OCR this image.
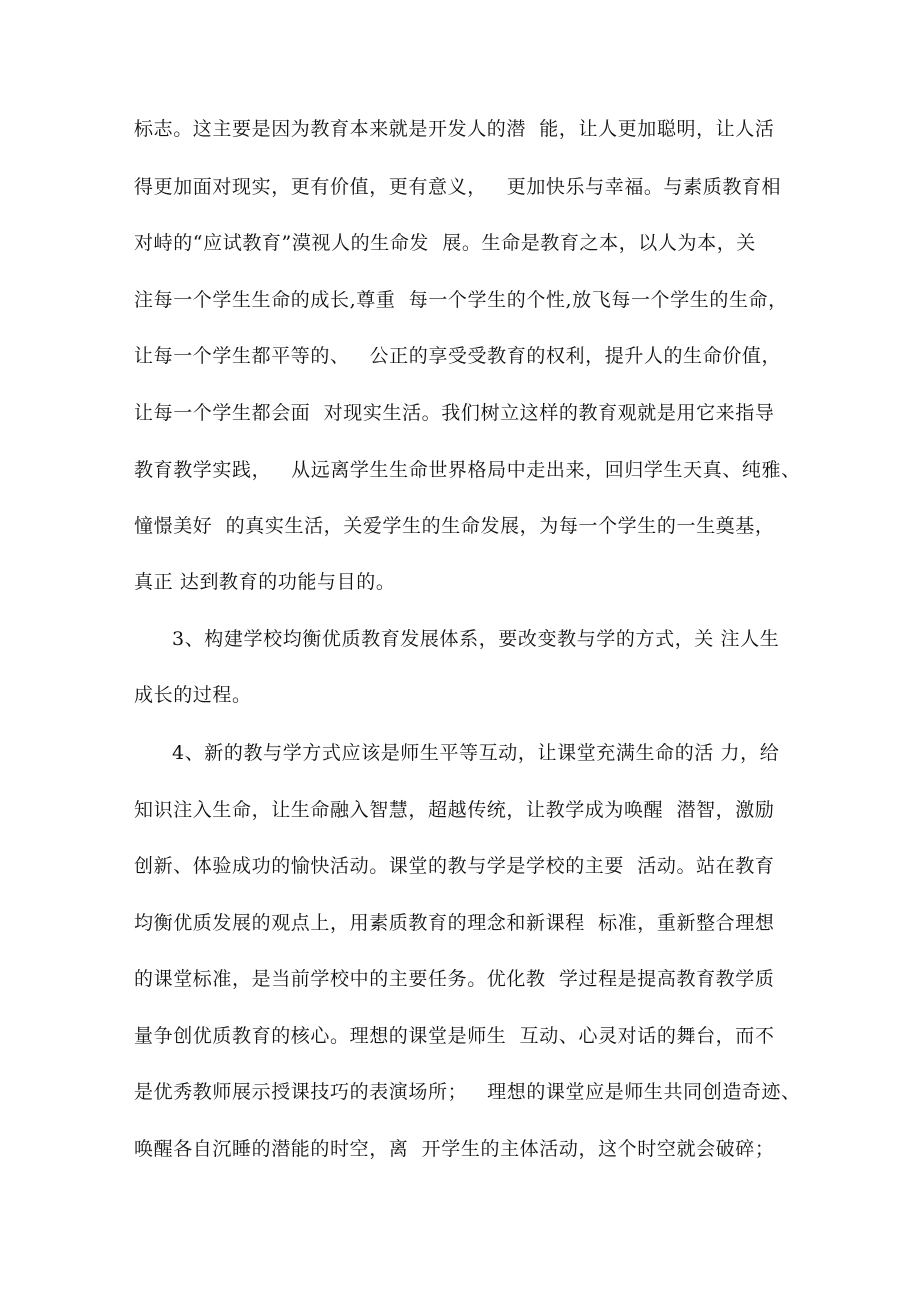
标志。这主要是因为教育本来就是开发人的潜  能，让人更加聪明，让人活
得更加面对现实，更有价值，更有意义，   更加快乐与幸福。与素质教育相
对峙的“应试教育”漠视人的生命发  展。生命是教育之本，以人为本，关
注每一个学生生命的成长,尊重  每一个学生的个性,放飞每一个学生的生命，
让每一个学生都平等的、   公正的享受受教育的权利，提升人的生命价值，
让每一个学生都会面  对现实生活。我们树立这样的教育观就是用它来指导
教育教学实践，   从远离学生生命世界格局中走出来，回归学生天真、纯雅、
憧憬美好  的真实生活，关爱学生的生命发展，为每一个学生的一生奠基，
真正 达到教育的功能与目的。
3、构建学校均衡优质教育发展体系，要改变教与学的方式，关 注人生
成长的过程。
4、新的教与学方式应该是师生平等互动，让课堂充满生命的活 力，给
知识注入生命，让生命融入智慧，超越传统，让教学成为唤醒  潜智，激励
创新、体验成功的愉快活动。课堂的教与学是学校的主要  活动。站在教育
均衡优质发展的观点上，用素质教育的理念和新课程  标准，重新整合理想
的课堂标准，是当前学校中的主要任务。优化教  学过程是提高教育教学质
量争创优质教育的核心。理想的课堂是师生  互动、心灵对话的舞台，而不
是优秀教师展示授课技巧的表演场所；   理想的课堂应是师生共同创造奇迹、
唤醒各自沉睡的潜能的时空，离  开学生的主体活动，这个时空就会破碎；
